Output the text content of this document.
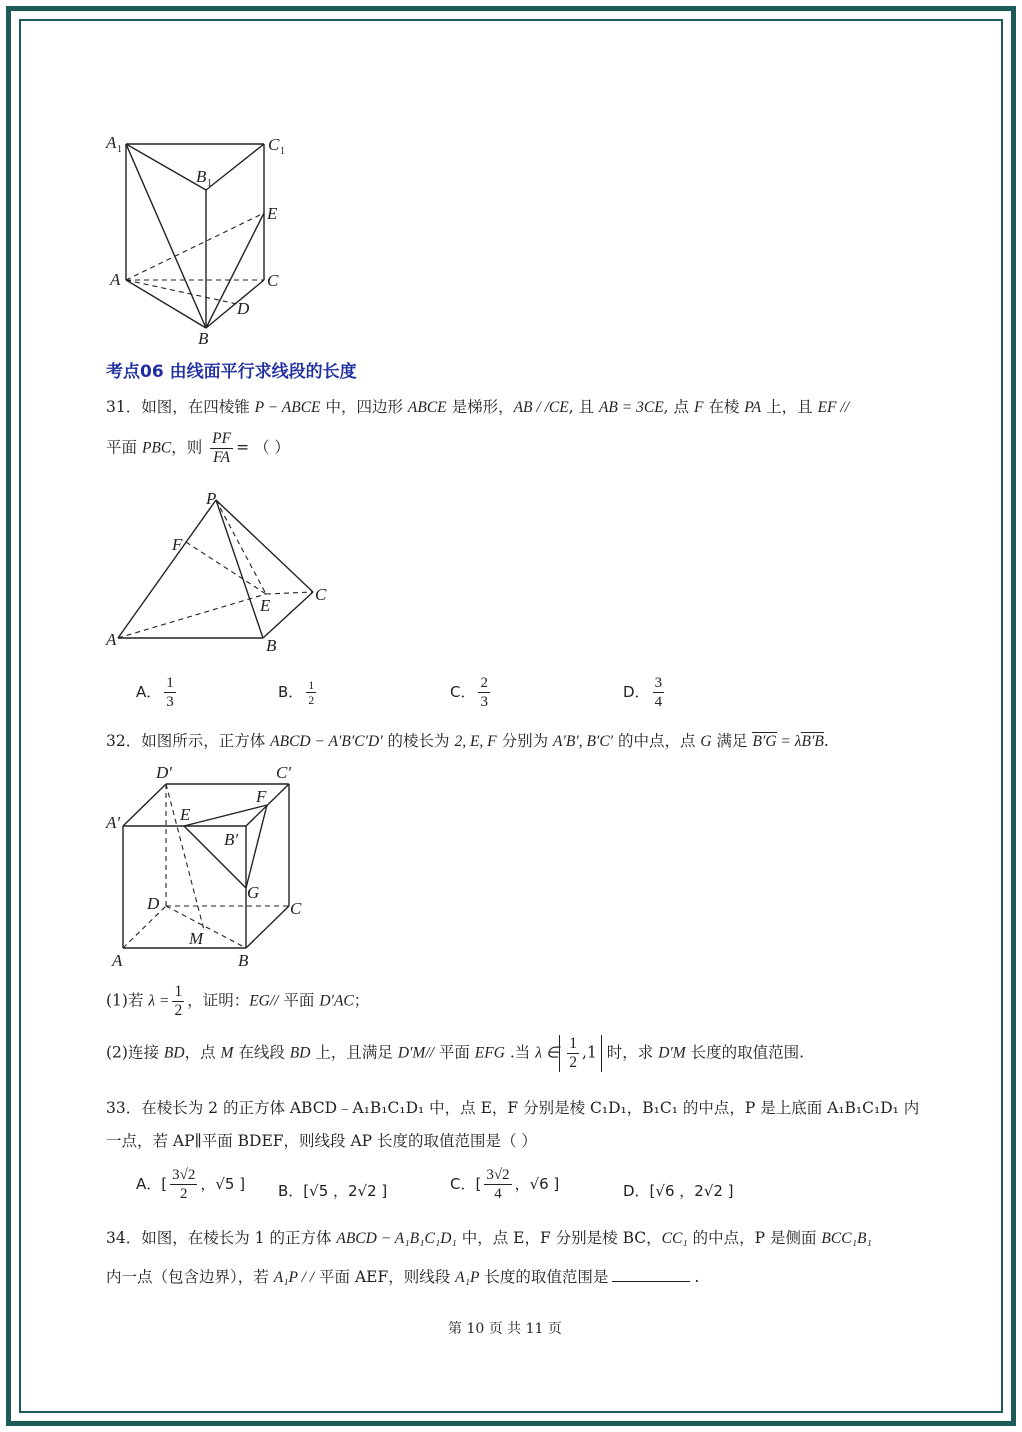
A 1	C 1
B 1
E
A	C
D
B
考点06 由线面平行求线段的长度
31．如图，在四棱锥 P − ABCE 中，四边形 ABCE 是梯形，AB / /CE, 且 AB = 3CE, 点 F 在棱 PA 上，且 EF //
平面 PBC，则 $\frac{PF}{FA}$ = （ ）
P
F
E
C
A	B
A． $\frac{1}{3}$	B． $\frac{1}{2}$	C． $\frac{2}{3}$	D． $\frac{3}{4}$
32．如图所示，正方体 ABCD − A′B′C′D′ 的棱长为 2, E, F 分别为 A′B′, B′C′ 的中点，点 G 满足 B′G = λB′B.
D′	C′
A′	E
F
B′
G
D	C
M
A	B
(1)若 $\lambda = \frac{1}{2}$ ，证明：EG// 平面 D′AC；
(2)连接 BD，点 M 在线段 BD 上，且满足 D′M// 平面 EFG .当 λ ∈ $\frac{1}{2} ,1$ 时，求 D′M 长度的取值范围.
33．在棱长为 2 的正方体 ABCD﹣A₁B₁C₁D₁ 中，点 E，F 分别是棱 C₁D₁，B₁C₁ 的中点，P 是上底面 A₁B₁C₁D₁ 内
一点，若 AP∥平面 BDEF，则线段 AP 长度的取值范围是（ ）
A．[ $\frac{3√2}{2}$ ，√5 ] B．[√5 ，2√2 ]	C．[ $\frac{3√2}{4}$ ，√6 ]	D．[√6 ，2√2 ]
34．如图，在棱长为 1 的正方体 ABCD − A₁B₁C₁D₁ 中，点 E，F 分别是棱 BC，CC₁ 的中点，P 是侧面 BCC₁B₁
内一点（包含边界），若 A₁P / / 平面 AEF，则线段 A₁P 长度的取值范围是	.
第 10 页 共 11 页
